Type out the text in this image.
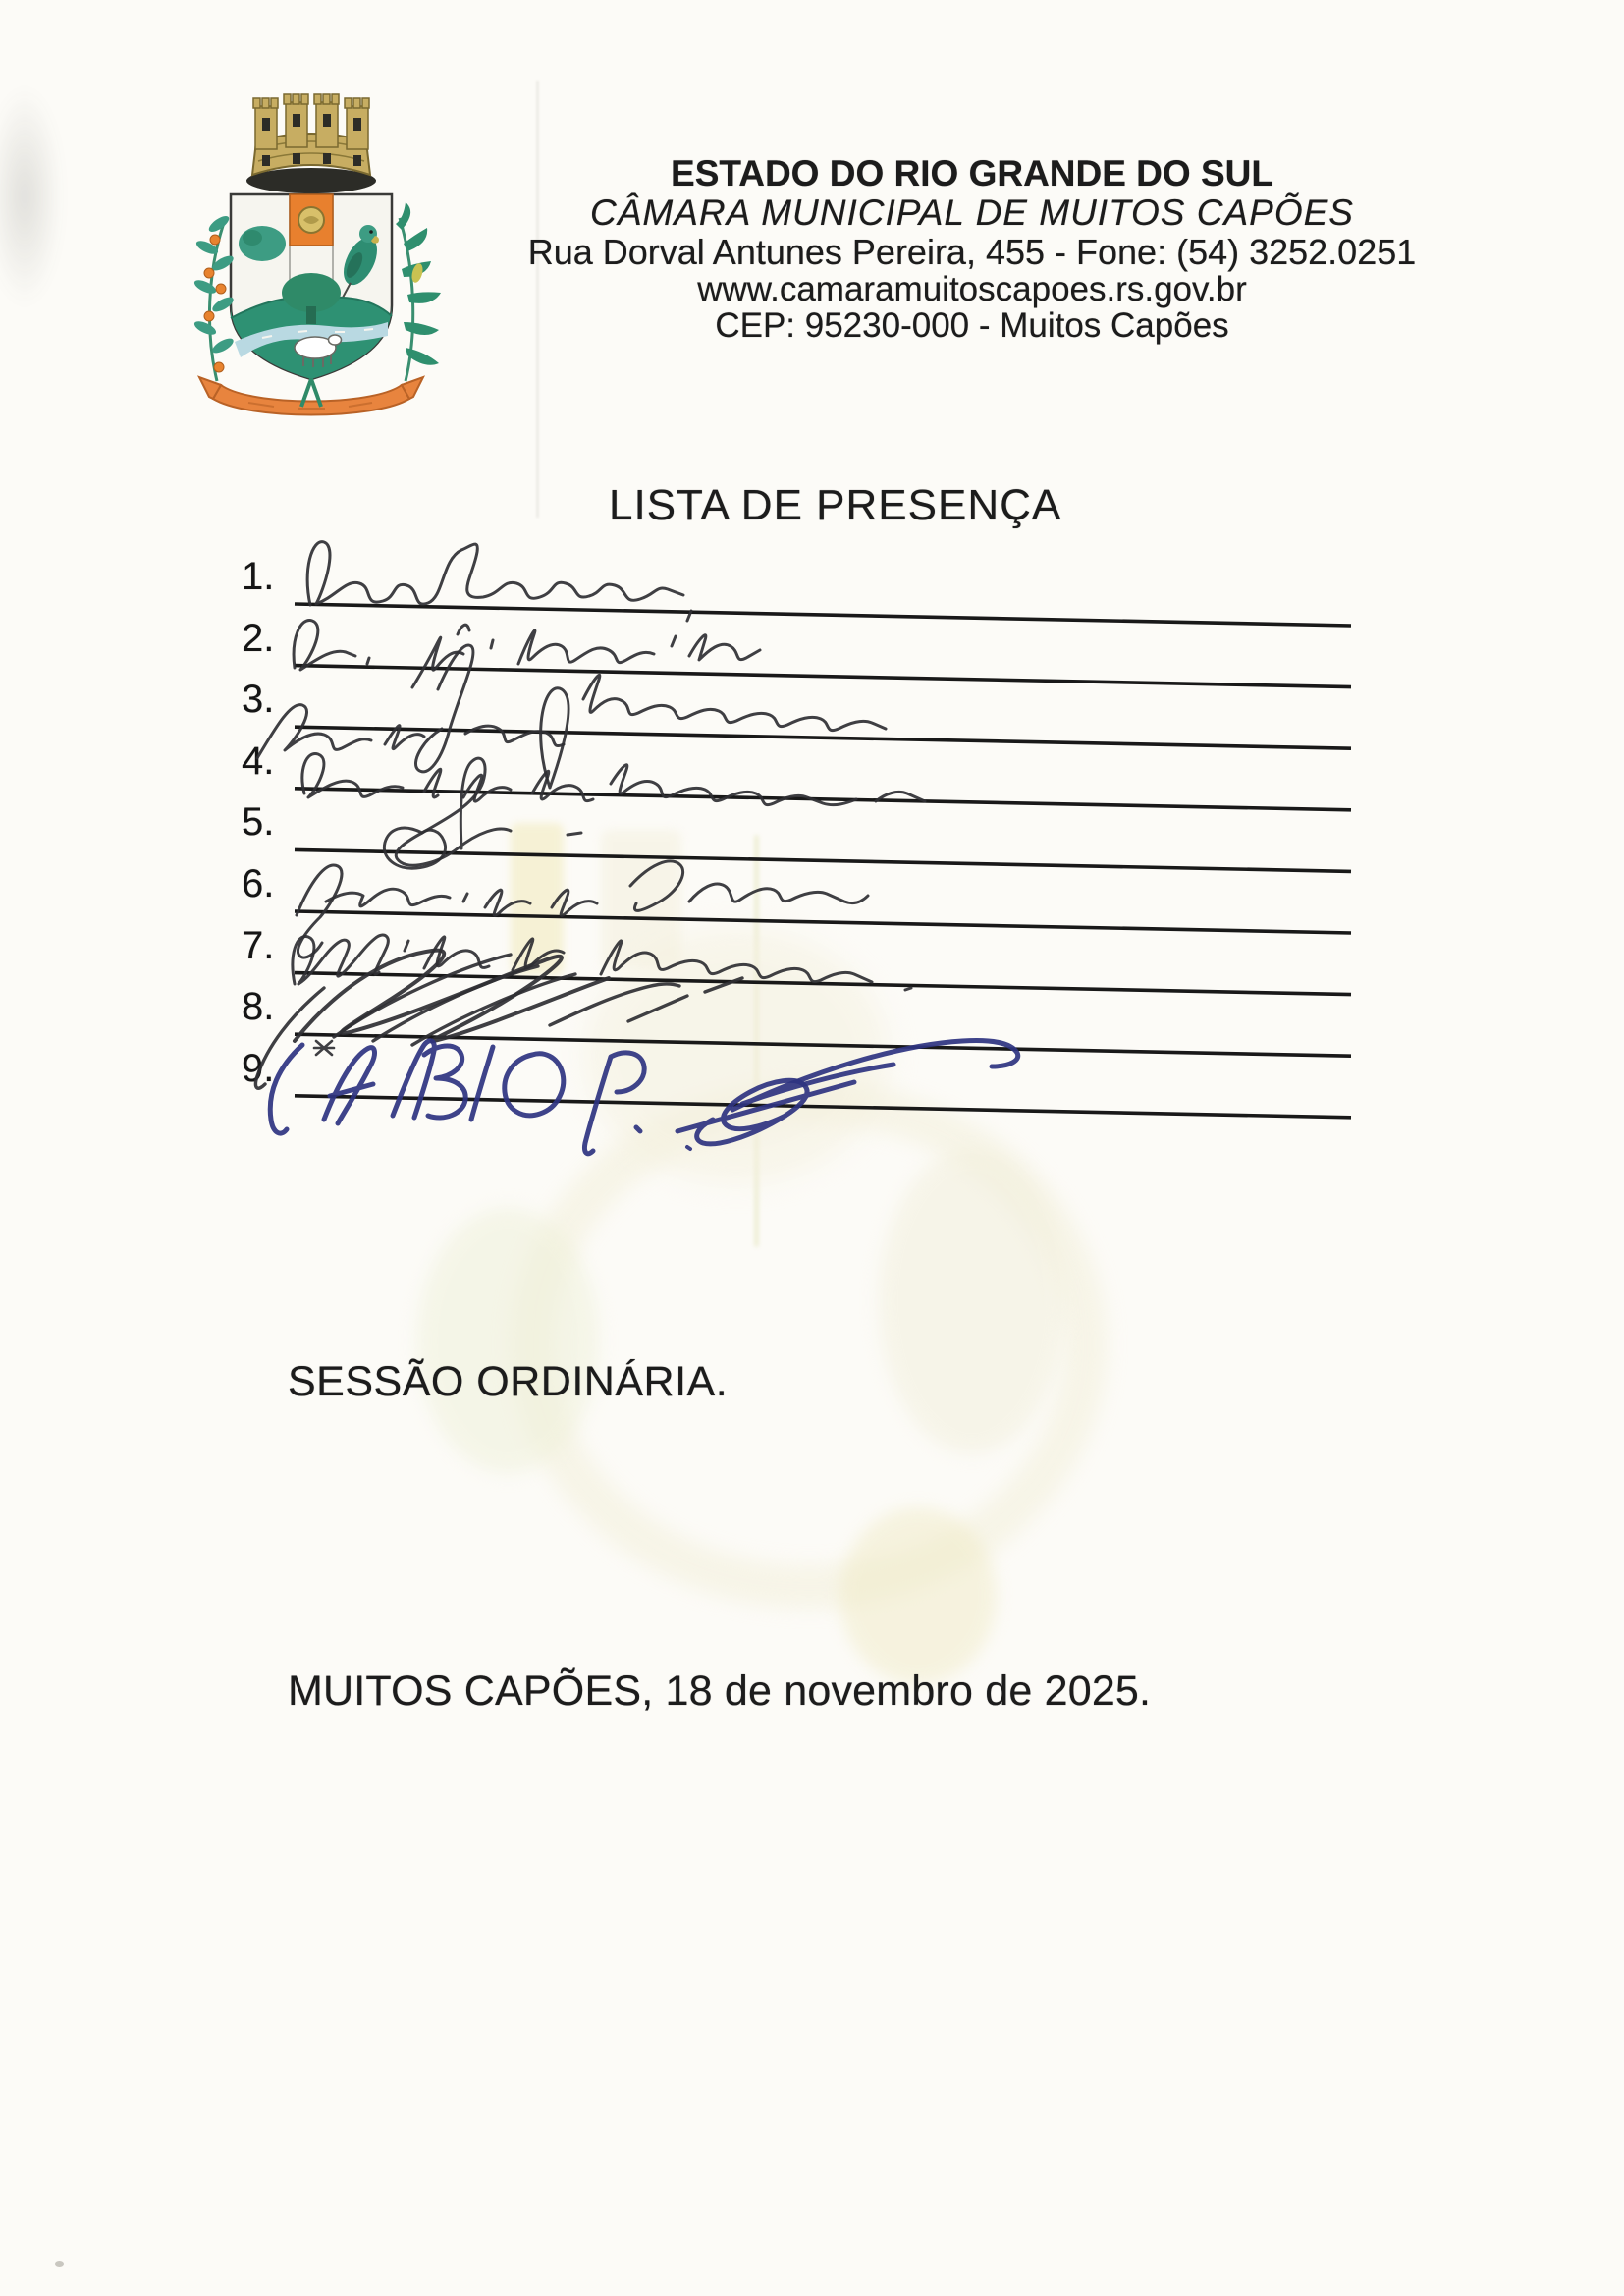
ESTADO DO RIO GRANDE DO SUL
CÂMARA MUNICIPAL DE MUITOS CAPÕES
Rua Dorval Antunes Pereira, 455 - Fone: (54) 3252.0251
www.camaramuitoscapoes.rs.gov.br
CEP: 95230-000 - Muitos Capões
LISTA DE PRESENÇA
1.
2.
3.
4.
5.
6.
7.
8.
9.
SESSÃO ORDINÁRIA.
MUITOS CAPÕES, 18 de novembro de 2025.
